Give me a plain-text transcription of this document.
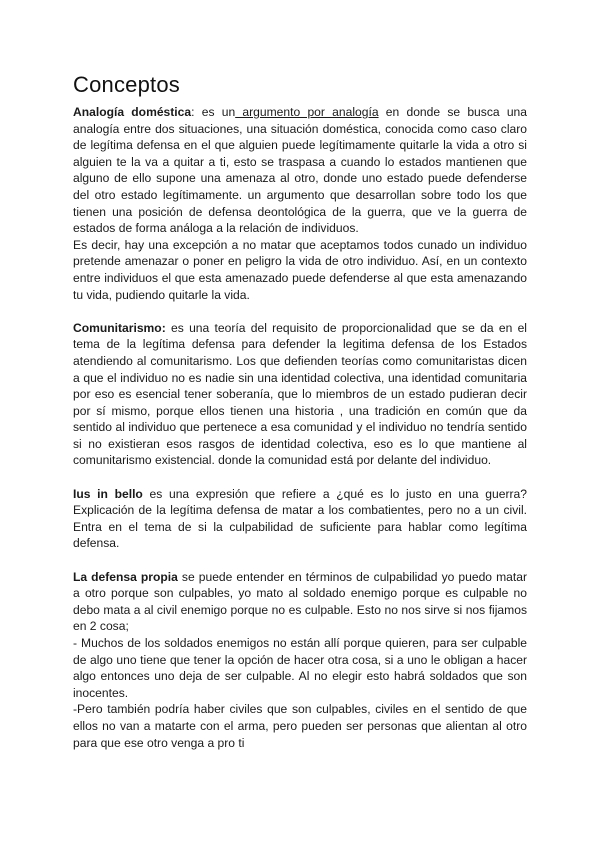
Conceptos

Analogía doméstica: es un argumento por analogía en donde se busca una analogía entre dos situaciones, una situación doméstica, conocida como caso claro de legítima defensa en el que alguien puede legítimamente quitarle la vida a otro si alguien te la va a quitar a ti, esto se traspasa a cuando lo estados mantienen que alguno de ello supone una amenaza al otro, donde uno estado puede defenderse del otro estado legítimamente. un argumento que desarrollan sobre todo los que tienen una posición de defensa deontológica de la guerra, que ve la guerra de estados de forma análoga a la relación de individuos.

Es decir, hay una excepción a no matar que aceptamos todos cunado un individuo pretende amenazar o poner en peligro la vida de otro individuo. Así, en un contexto entre individuos el que esta amenazado puede defenderse al que esta amenazando tu vida, pudiendo quitarle la vida.

Comunitarismo: es una teoría del requisito de proporcionalidad que se da en el tema de la legítima defensa para defender la legitima defensa de los Estados atendiendo al comunitarismo. Los que defienden teorías como comunitaristas dicen a que el individuo no es nadie sin una identidad colectiva, una identidad comunitaria por eso es esencial tener soberanía, que lo miembros de un estado pudieran decir por sí mismo, porque ellos tienen una historia , una tradición en común que da sentido al individuo que pertenece a esa comunidad y el individuo no tendría sentido si no existieran esos rasgos de identidad colectiva, eso es lo que mantiene al comunitarismo existencial. donde la comunidad está por delante del individuo.

Ius in bello es una expresión que refiere a ¿qué es lo justo en una guerra? Explicación de la legítima defensa de matar a los combatientes, pero no a un civil. Entra en el tema de si la culpabilidad de suficiente para hablar como legítima defensa.

La defensa propia se puede entender en términos de culpabilidad yo puedo matar a otro porque son culpables, yo mato al soldado enemigo porque es culpable no debo mata a al civil enemigo porque no es culpable. Esto no nos sirve si nos fijamos en 2 cosa;

- Muchos de los soldados enemigos no están allí porque quieren, para ser culpable de algo uno tiene que tener la opción de hacer otra cosa, si a uno le obligan a hacer algo entonces uno deja de ser culpable. Al no elegir esto habrá soldados que son inocentes.

-Pero también podría haber civiles que son culpables, civiles en el sentido de que ellos no van a matarte con el arma, pero pueden ser personas que alientan al otro para que ese otro venga a pro ti
